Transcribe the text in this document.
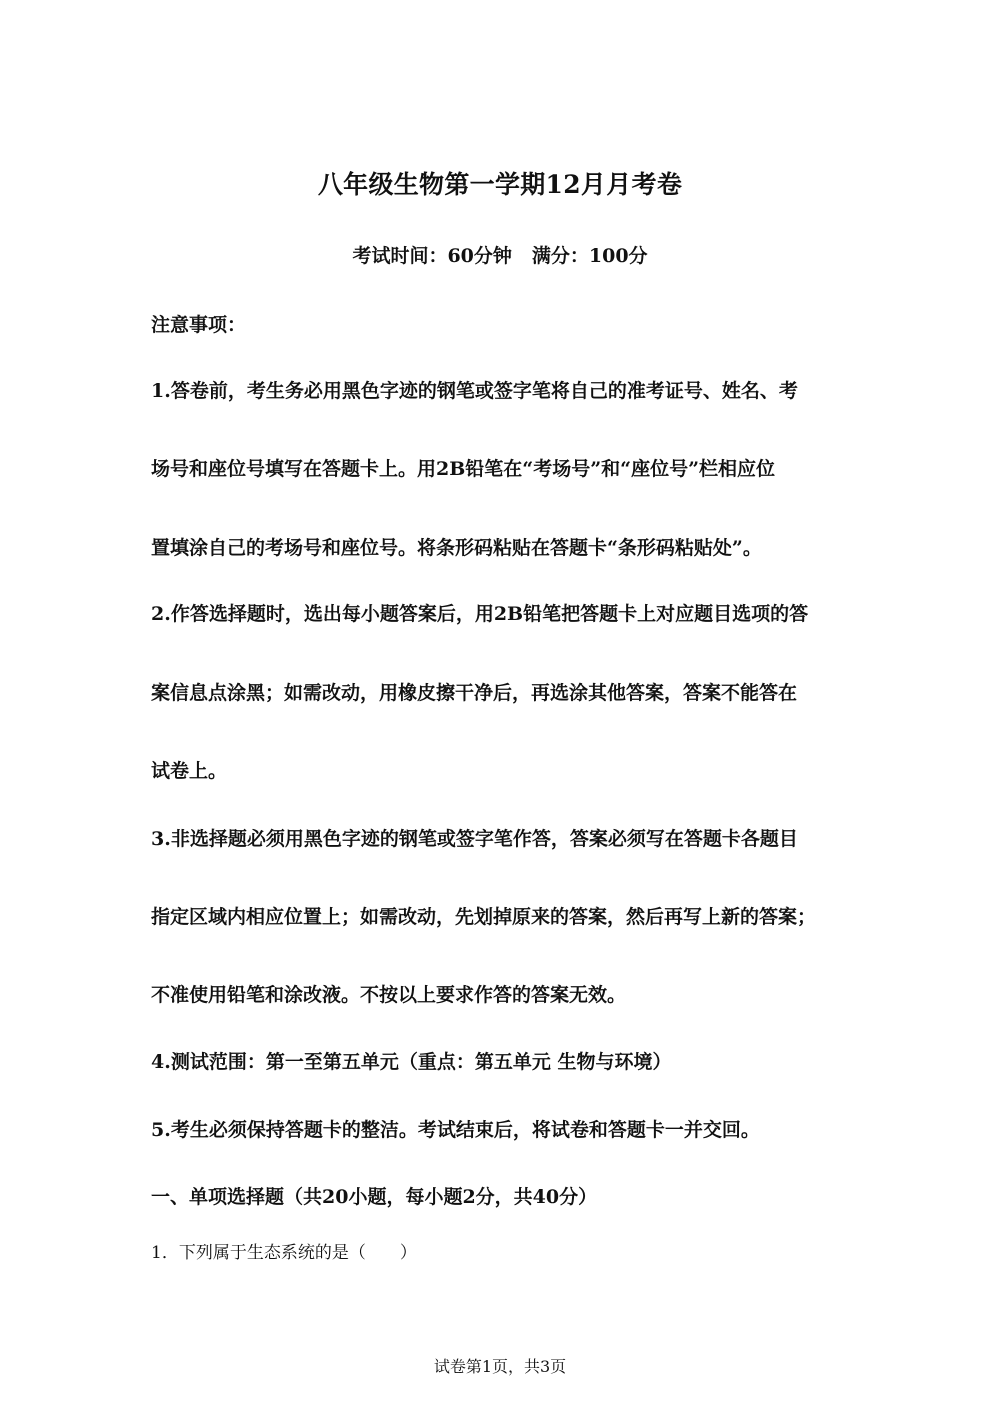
八年级生物第一学期12月月考卷
考试时间：60分钟 满分：100分
注意事项：
1.答卷前，考生务必用黑色字迹的钢笔或签字笔将自己的准考证号、姓名、考
场号和座位号填写在答题卡上。用2B铅笔在“考场号”和“座位号”栏相应位
置填涂自己的考场号和座位号。将条形码粘贴在答题卡“条形码粘贴处”。
2.作答选择题时，选出每小题答案后，用2B铅笔把答题卡上对应题目选项的答
案信息点涂黑；如需改动，用橡皮擦干净后，再选涂其他答案，答案不能答在
试卷上。
3.非选择题必须用黑色字迹的钢笔或签字笔作答，答案必须写在答题卡各题目
指定区域内相应位置上；如需改动，先划掉原来的答案，然后再写上新的答案；
不准使用铅笔和涂改液。不按以上要求作答的答案无效。
4.测试范围：第一至第五单元（重点：第五单元 生物与环境）
5.考生必须保持答题卡的整洁。考试结束后，将试卷和答题卡一并交回。
一、单项选择题（共20小题，每小题2分，共40分）
1．下列属于生态系统的是（　　）
试卷第1页，共3页
